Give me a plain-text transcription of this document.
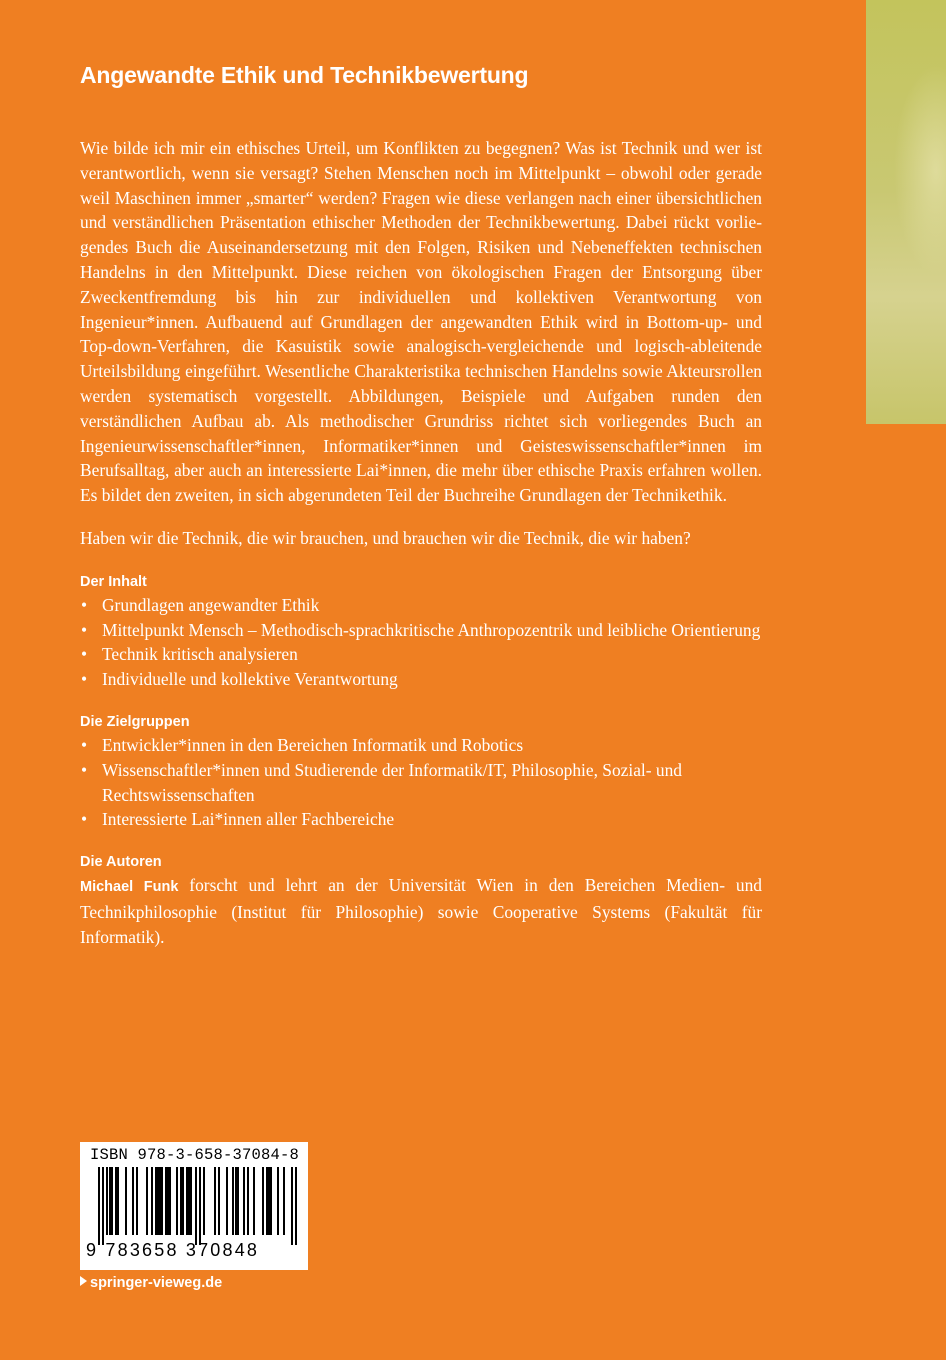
Angewandte Ethik und Technikbewertung

Wie bilde ich mir ein ethisches Urteil, um Konflikten zu begegnen? Was ist Technik und wer ist verantwortlich, wenn sie versagt? Stehen Menschen noch im Mittelpunkt – obwohl oder gerade weil Maschinen immer „smarter“ werden? Fragen wie diese verlangen nach einer übersichtlichen und verständlichen Präsentation ethischer Methoden der Technikbewertung. Dabei rückt vorliegendes Buch die Auseinandersetzung mit den Folgen, Risiken und Nebeneffekten technischen Handelns in den Mittelpunkt. Diese reichen von ökologischen Fragen der Entsorgung über Zweckentfremdung bis hin zur individuellen und kollektiven Verantwortung von Ingenieur*innen. Aufbauend auf Grundlagen der angewandten Ethik wird in Bottom-up- und Top-down-Verfahren, die Kasuistik sowie analogisch-vergleichende und logisch-ableitende Urteilsbildung eingeführt. Wesentliche Charakteristika technischen Handelns sowie Akteursrollen werden systematisch vorgestellt. Abbildungen, Beispiele und Aufgaben runden den verständlichen Aufbau ab. Als methodischer Grundriss richtet sich vorliegendes Buch an Ingenieurwissenschaftler*innen, Informatiker*innen und Geisteswissenschaftler*innen im Berufsalltag, aber auch an interessierte Lai*innen, die mehr über ethische Praxis erfahren wollen. Es bildet den zweiten, in sich abgerundeten Teil der Buchreihe Grundlagen der Technikethik.

Haben wir die Technik, die wir brauchen, und brauchen wir die Technik, die wir haben?

Der Inhalt
• Grundlagen angewandter Ethik
• Mittelpunkt Mensch – Methodisch-sprachkritische Anthropozentrik und leibliche Orientierung
• Technik kritisch analysieren
• Individuelle und kollektive Verantwortung
Die Zielgruppen
• Entwickler*innen in den Bereichen Informatik und Robotics
• Wissenschaftler*innen und Studierende der Informatik/IT, Philosophie, Sozial- und Rechtswissenschaften
• Interessierte Lai*innen aller Fachbereiche
Die Autoren

Michael Funk forscht und lehrt an der Universität Wien in den Bereichen Medien- und Technikphilosophie (Institut für Philosophie) sowie Cooperative Systems (Fakultät für Informatik).

ISBN 978-3-658-37084-8
9 783658 370848
springer-vieweg.de
